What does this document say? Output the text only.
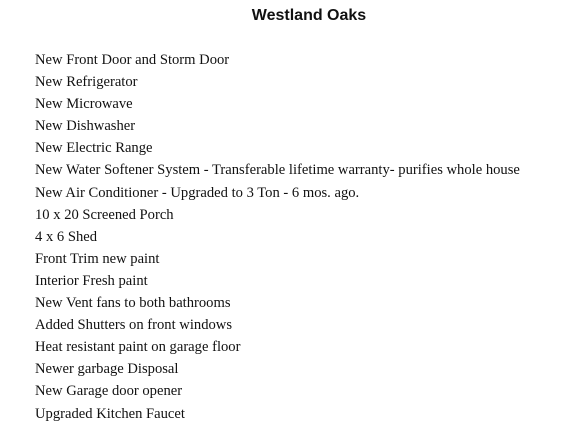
Westland Oaks
New Front Door and Storm Door
New Refrigerator
New Microwave
New Dishwasher
New Electric Range
New Water Softener System - Transferable lifetime warranty- purifies whole house
New Air Conditioner - Upgraded to 3 Ton - 6 mos. ago.
10 x 20 Screened Porch
4 x 6 Shed
Front Trim new paint
Interior Fresh paint
New Vent fans to both bathrooms
Added Shutters on front windows
Heat resistant paint on garage floor
Newer garbage Disposal
New Garage door opener
Upgraded Kitchen Faucet
